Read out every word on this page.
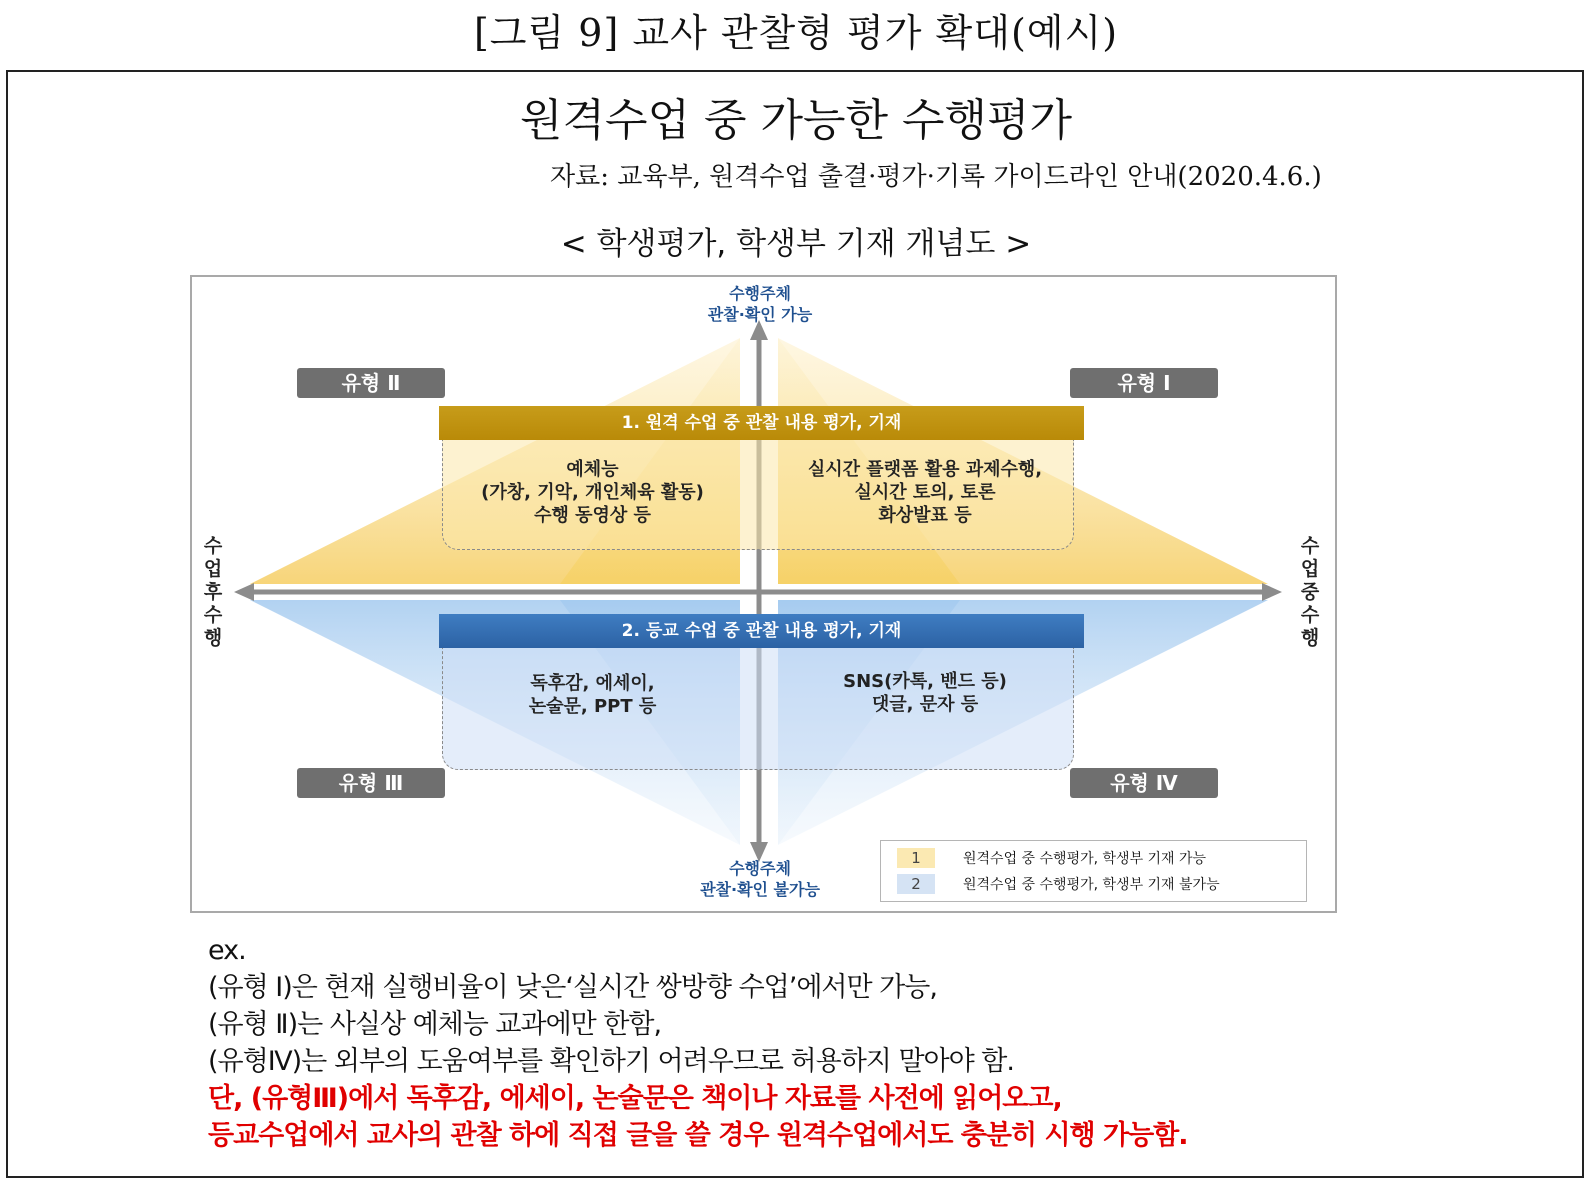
[그림 9] 교사 관찰형 평가 확대(예시)
원격수업 중 가능한 수행평가
자료: 교육부, 원격수업 출결·평가·기록 가이드라인 안내(2020.4.6.)
< 학생평가, 학생부 기재 개념도 >
수행주체
관찰·확인 가능
수행주체
관찰·확인 불가능
수업후수행
수업중수행
유형 Ⅱ	유형 Ⅰ
유형 Ⅲ	유형 Ⅳ
1. 원격 수업 중 관찰 내용 평가, 기재
2. 등교 수업 중 관찰 내용 평가, 기재
예체능
(가창, 기악, 개인체육 활동)
수행 동영상 등
실시간 플랫폼 활용 과제수행,
실시간 토의, 토론
화상발표 등
독후감, 에세이,
논술문, PPT 등
SNS(카톡, 밴드 등)
댓글, 문자 등
1	원격수업 중 수행평가, 학생부 기재 가능
2	원격수업 중 수행평가, 학생부 기재 불가능
ex.
(유형 Ⅰ)은 현재 실행비율이 낮은‘실시간 쌍방향 수업’에서만 가능,
(유형 Ⅱ)는 사실상 예체능 교과에만 한함,
(유형Ⅳ)는 외부의 도움여부를 확인하기 어려우므로 허용하지 말아야 함.
단, (유형Ⅲ)에서 독후감, 에세이, 논술문은 책이나 자료를 사전에 읽어오고,
등교수업에서 교사의 관찰 하에 직접 글을 쓸 경우 원격수업에서도 충분히 시행 가능함.
